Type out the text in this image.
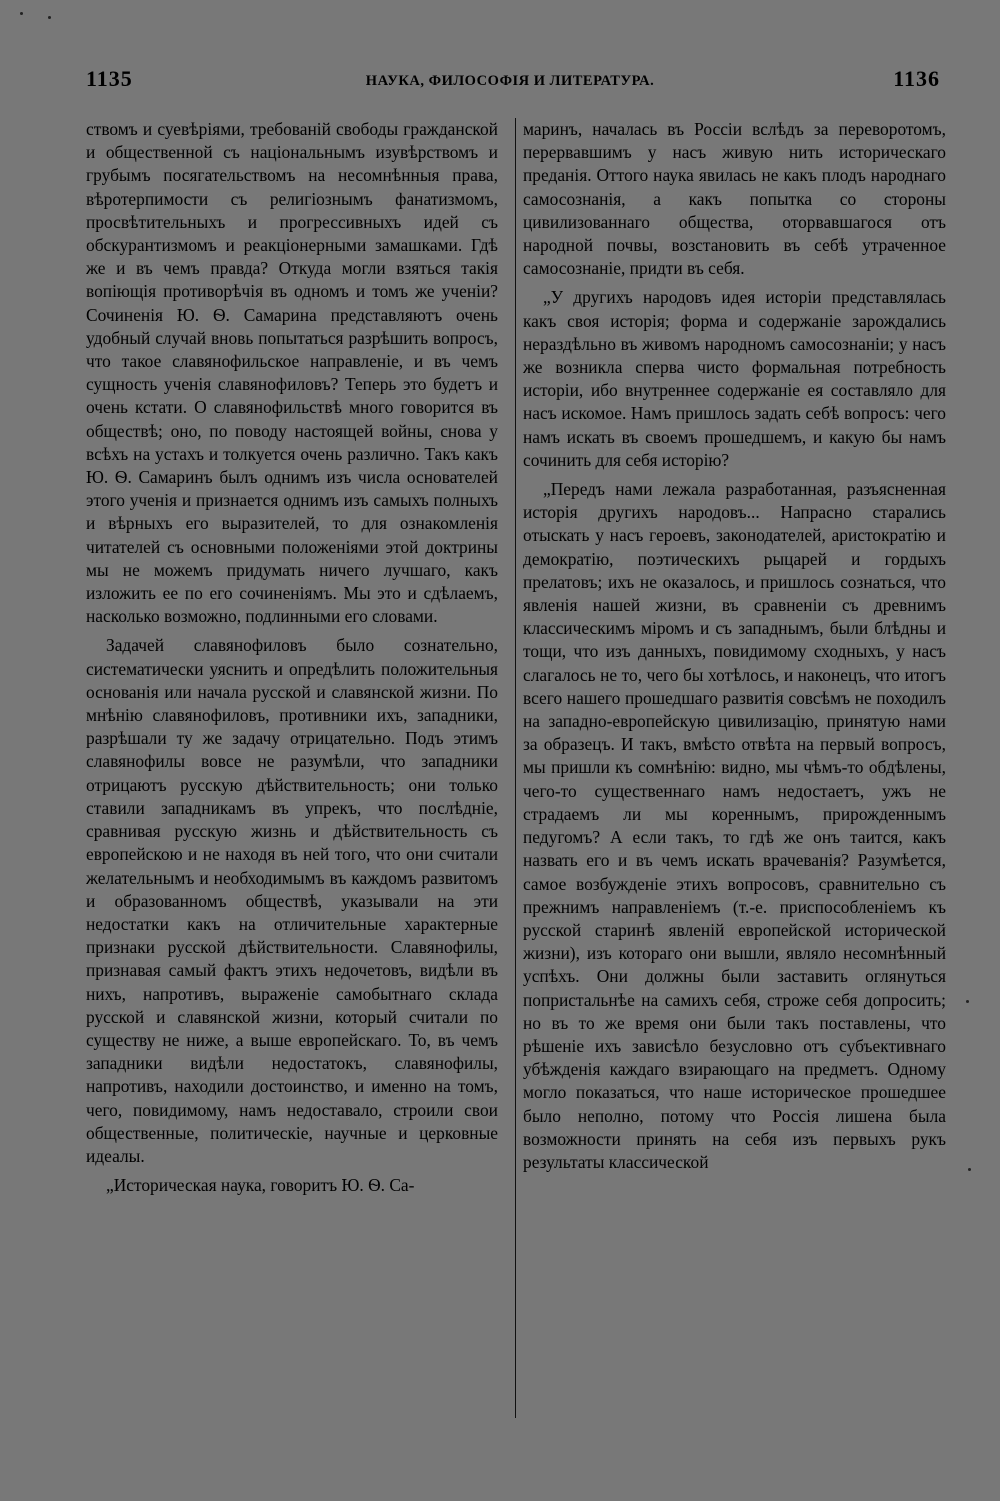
1135	НАУКА, ФИЛОСОФІЯ И ЛИТЕРАТУРА.	1136

ствомъ и суевѣріями, требованій свободы гражданской и общественной съ національнымъ изувѣрствомъ и грубымъ посягательствомъ на несомнѣнныя права, вѣротерпимости съ религіознымъ фанатизмомъ, просвѣтительныхъ и прогрессивныхъ идей съ обскурантизмомъ и реакціонерными замашками. Гдѣ же и въ чемъ правда? Откуда могли взяться такія вопіющія противорѣчія въ одномъ и томъ же ученіи? Сочиненія Ю. Ѳ. Самарина представляютъ очень удобный случай вновь попытаться разрѣшить вопросъ, что такое славянофильское направленіе, и въ чемъ сущность ученія славянофиловъ? Теперь это будетъ и очень кстати. О славянофильствѣ много говорится въ обществѣ; оно, по поводу настоящей войны, снова у всѣхъ на устахъ и толкуется очень различно. Такъ какъ Ю. Ѳ. Самаринъ былъ однимъ изъ числа основателей этого ученія и признается однимъ изъ самыхъ полныхъ и вѣрныхъ его выразителей, то для ознакомленія читателей съ основными положеніями этой доктрины мы не можемъ придумать ничего лучшаго, какъ изложить ее по его сочиненіямъ. Мы это и сдѣлаемъ, насколько возможно, подлинными его словами.

Задачей славянофиловъ было сознательно, систематически уяснить и опредѣлить положительныя основанія или начала русской и славянской жизни. По мнѣнію славянофиловъ, противники ихъ, западники, разрѣшали ту же задачу отрицательно. Подъ этимъ славянофилы вовсе не разумѣли, что западники отрицаютъ русскую дѣйствительность; они только ставили западникамъ въ упрекъ, что послѣдніе, сравнивая русскую жизнь и дѣйствительность съ европейскою и не находя въ ней того, что они считали желательнымъ и необходимымъ въ каждомъ развитомъ и образованномъ обществѣ, указывали на эти недостатки какъ на отличительные характерные признаки русской дѣйствительности. Славянофилы, признавая самый фактъ этихъ недочетовъ, видѣли въ нихъ, напротивъ, выраженіе самобытнаго склада русской и славянской жизни, который считали по существу не ниже, а выше европейскаго. То, въ чемъ западники видѣли недостатокъ, славянофилы, напротивъ, находили достоинство, и именно на томъ, чего, повидимому, намъ недоставало, строили свои общественные, политическіе, научные и церковные идеалы.

„Историческая наука, говоритъ Ю. Ѳ. Са-

маринъ, началась въ Россіи вслѣдъ за переворотомъ, перервавшимъ у насъ живую нить историческаго преданія. Оттого наука явилась не какъ плодъ народнаго самосознанія, а какъ попытка со стороны цивилизованнаго общества, оторвавшагося отъ народной почвы, возстановить въ себѣ утраченное самосознаніе, придти въ себя.

„У другихъ народовъ идея исторіи представлялась какъ своя исторія; форма и содержаніе зарождались нераздѣльно въ живомъ народномъ самосознаніи; у насъ же возникла сперва чисто формальная потребность исторіи, ибо внутреннее содержаніе ея составляло для насъ искомое. Намъ пришлось задать себѣ вопросъ: чего намъ искать въ своемъ прошедшемъ, и какую бы намъ сочинить для себя исторію?

„Передъ нами лежала разработанная, разъясненная исторія другихъ народовъ... Напрасно старались отыскать у насъ героевъ, законодателей, аристократію и демократію, поэтическихъ рыцарей и гордыхъ прелатовъ; ихъ не оказалось, и пришлось сознаться, что явленія нашей жизни, въ сравненіи съ древнимъ классическимъ міромъ и съ западнымъ, были блѣдны и тощи, что изъ данныхъ, повидимому сходныхъ, у насъ слагалось не то, чего бы хотѣлось, и наконецъ, что итогъ всего нашего прошедшаго развитія совсѣмъ не походилъ на западно-европейскую цивилизацію, принятую нами за образецъ. И такъ, вмѣсто отвѣта на первый вопросъ, мы пришли къ сомнѣнію: видно, мы чѣмъ-то обдѣлены, чего-то существеннаго намъ недостаетъ, ужъ не страдаемъ ли мы кореннымъ, прирожденнымъ педугомъ? А если такъ, то гдѣ же онъ таится, какъ назвать его и въ чемъ искать врачеванія? Разумѣется, самое возбужденіе этихъ вопросовъ, сравнительно съ прежнимъ направленіемъ (т.-е. приспособленіемъ къ русской старинѣ явленій европейской исторической жизни), изъ котораго они вышли, являло несомнѣнный успѣхъ. Они должны были заставить оглянуться попристальнѣе на самихъ себя, строже себя допросить; но въ то же время они были такъ поставлены, что рѣшеніе ихъ зависѣло безусловно отъ субъективнаго убѣжденія каждаго взирающаго на предметъ. Одному могло показаться, что наше историческое прошедшее было неполно, потому что Россія лишена была возможности принять на себя изъ первыхъ рукъ результаты классической
